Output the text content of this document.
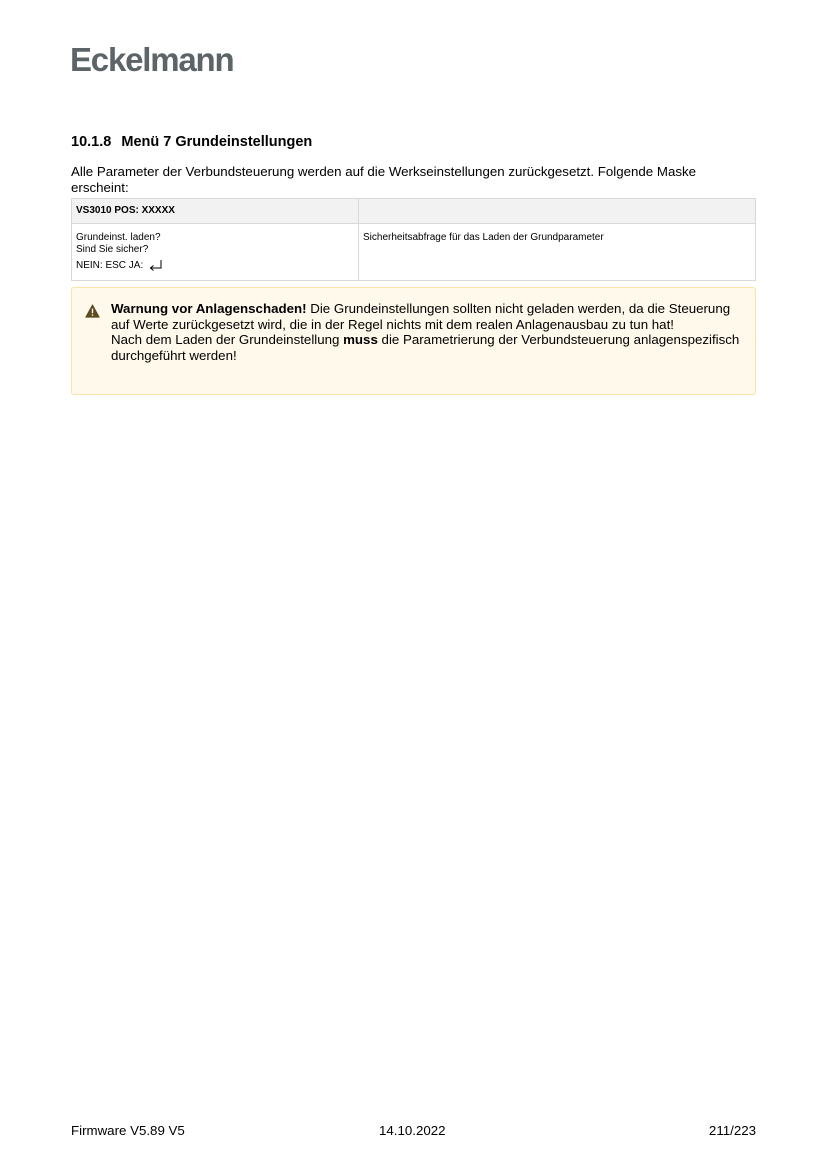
Eckelmann
10.1.8 Menü 7 Grundeinstellungen
Alle Parameter der Verbundsteuerung werden auf die Werkseinstellungen zurückgesetzt. Folgende Maske erscheint:
VS3010 POS: XXXXX	

Grundeinst. laden?
Sind Sie sicher?
NEIN: ESC JA:	Sicherheitsabfrage für das Laden der Grundparameter
Warnung vor Anlagenschaden! Die Grundeinstellungen sollten nicht geladen werden, da die Steuerung auf Werte zurückgesetzt wird, die in der Regel nichts mit dem realen Anlagenausbau zu tun hat!
Nach dem Laden der Grundeinstellung muss die Parametrierung der Verbundsteuerung anlagenspezifisch durchgeführt werden!
Firmware V5.89 V5	14.10.2022	211/223
